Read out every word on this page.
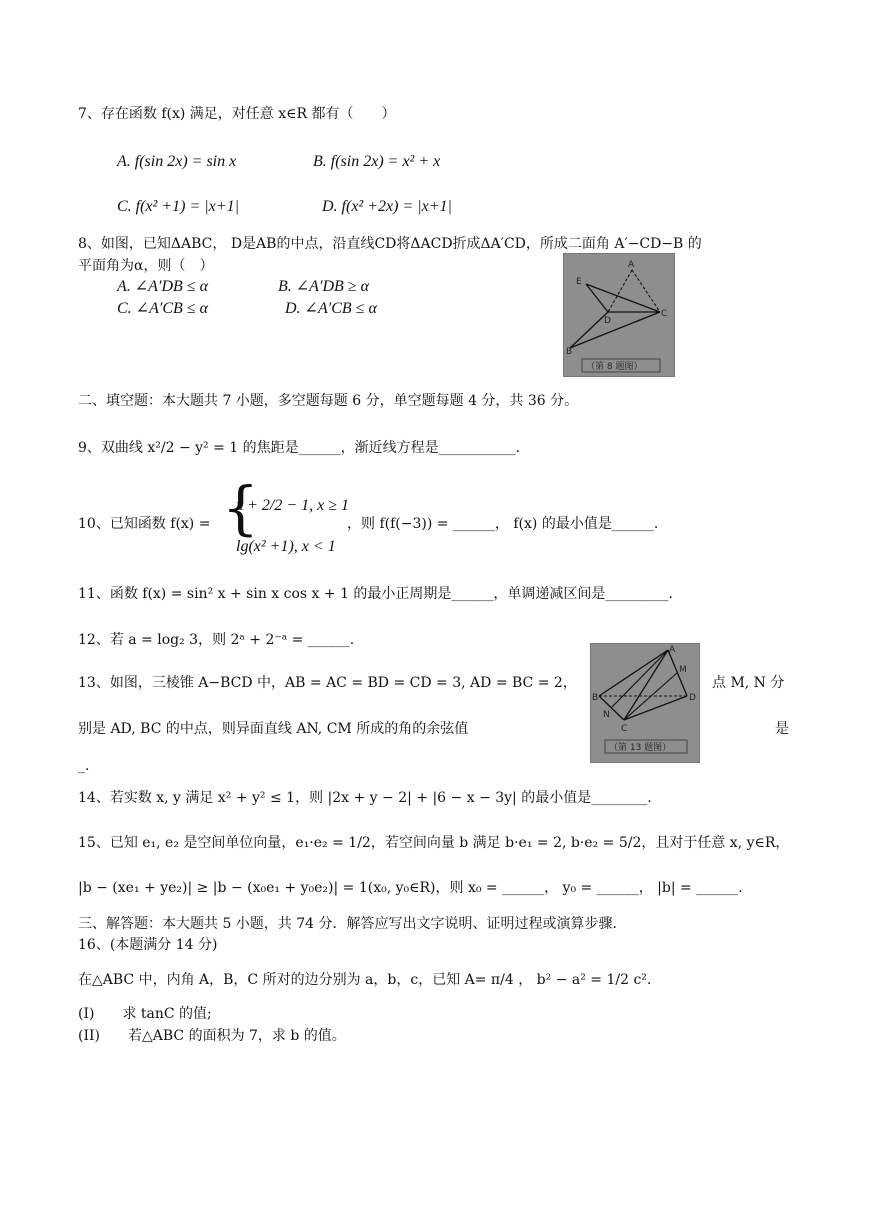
7、存在函数 f(x) 满足，对任意 x∈R 都有（　　）
A. f(sin 2x) = sin x	B. f(sin 2x) = x² + x
C. f(x² +1) = |x+1|	D. f(x² +2x) = |x+1|
8、如图，已知ΔABC， D是AB的中点，沿直线CD将ΔACD折成ΔA′CD，所成二面角 A′−CD−B 的
平面角为α，则（　）
A. ∠A′DB ≤ α	B. ∠A′DB ≥ α
C. ∠A′CB ≤ α	D. ∠A′CB ≤ α
A
E
D
C
B
（第 8 题图）
二、填空题：本大题共 7 小题，多空题每题 6 分，单空题每题 4 分，共 36 分。
9、双曲线 x²/2 − y² = 1 的焦距是______，渐近线方程是___________.
10、已知函数 f(x) = {
x + 2/2 − 1, x ≥ 1
lg(x² +1), x < 1
，则 f(f(−3)) = ______， f(x) 的最小值是______.
11、函数 f(x) = sin² x + sin x cos x + 1 的最小正周期是______，单调递减区间是_________.
12、若 a = log₂ 3，则 2ᵃ + 2⁻ᵃ = ______.
13、如图，三棱锥 A−BCD 中，AB = AC = BD = CD = 3, AD = BC = 2，	点 M, N 分
别是 AD, BC 的中点，则异面直线 AN, CM 所成的角的余弦值	是
_.
A
M
B	D
N
C
（第 13 题图）
14、若实数 x, y 满足 x² + y² ≤ 1，则 |2x + y − 2| + |6 − x − 3y| 的最小值是________.
15、已知 e₁, e₂ 是空间单位向量，e₁·e₂ = 1/2，若空间向量 b 满足 b·e₁ = 2, b·e₂ = 5/2，且对于任意 x, y∈R，
|b − (xe₁ + ye₂)| ≥ |b − (x₀e₁ + y₀e₂)| = 1(x₀, y₀∈R)，则 x₀ = ______， y₀ = ______， |b| = ______.
三、解答题：本大题共 5 小题，共 74 分．解答应写出文字说明、证明过程或演算步骤．
16、(本题满分 14 分)
在△ABC 中，内角 A，B，C 所对的边分别为 a，b，c，已知 A= π/4 ， b² − a² = 1/2 c².
(I)　　求 tanC 的值;
(II)　　若△ABC 的面积为 7，求 b 的值。
